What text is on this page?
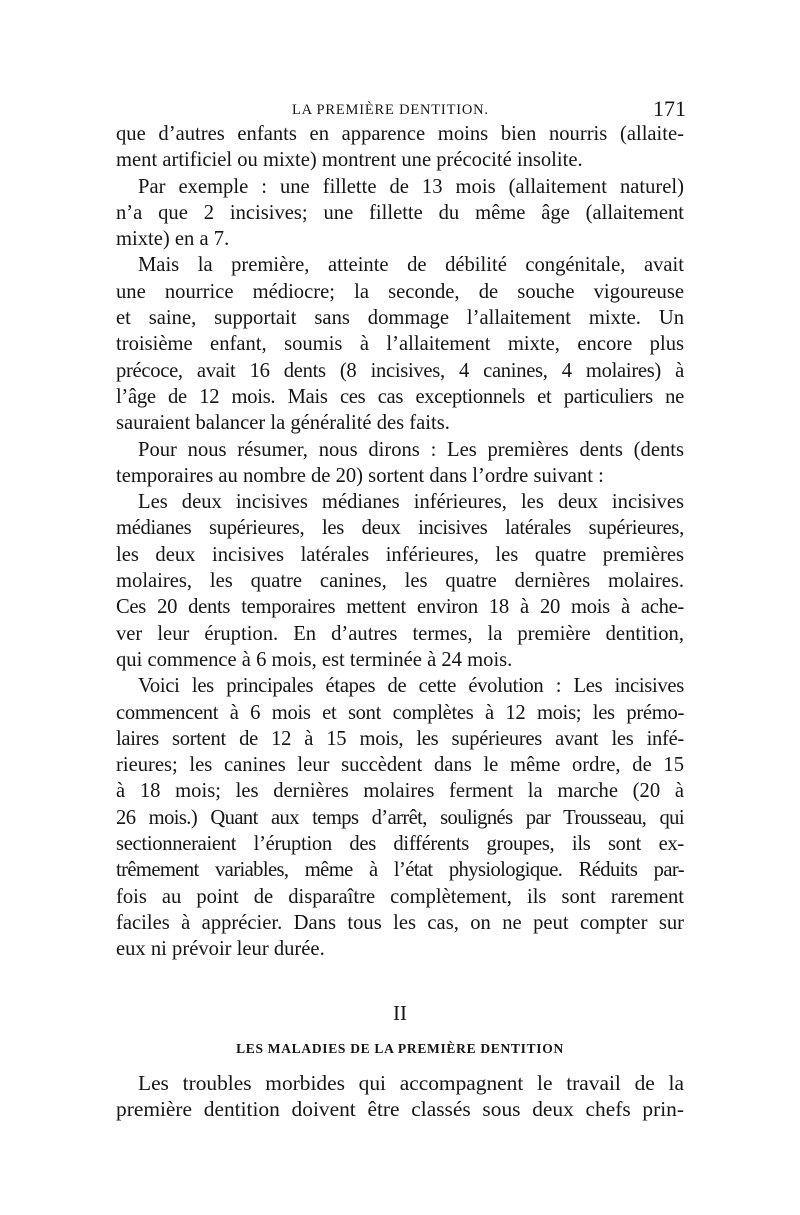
LA PREMIÈRE DENTITION.	171
que d’autres enfants en apparence moins bien nourris (allaite-
ment artificiel ou mixte) montrent une précocité insolite.
Par exemple : une fillette de 13 mois (allaitement naturel)
n’a que 2 incisives; une fillette du même âge (allaitement
mixte) en a 7.
Mais la première, atteinte de débilité congénitale, avait
une nourrice médiocre; la seconde, de souche vigoureuse
et saine, supportait sans dommage l’allaitement mixte. Un
troisième enfant, soumis à l’allaitement mixte, encore plus
précoce, avait 16 dents (8 incisives, 4 canines, 4 molaires) à
l’âge de 12 mois. Mais ces cas exceptionnels et particuliers ne
sauraient balancer la généralité des faits.
Pour nous résumer, nous dirons : Les premières dents (dents
temporaires au nombre de 20) sortent dans l’ordre suivant :
Les deux incisives médianes inférieures, les deux incisives
médianes supérieures, les deux incisives latérales supérieures,
les deux incisives latérales inférieures, les quatre premières
molaires, les quatre canines, les quatre dernières molaires.
Ces 20 dents temporaires mettent environ 18 à 20 mois à ache-
ver leur éruption. En d’autres termes, la première dentition,
qui commence à 6 mois, est terminée à 24 mois.
Voici les principales étapes de cette évolution : Les incisives
commencent à 6 mois et sont complètes à 12 mois; les prémo-
laires sortent de 12 à 15 mois, les supérieures avant les infé-
rieures; les canines leur succèdent dans le même ordre, de 15
à 18 mois; les dernières molaires ferment la marche (20 à
26 mois.) Quant aux temps d’arrêt, soulignés par Trousseau, qui
sectionneraient l’éruption des différents groupes, ils sont ex-
trêmement variables, même à l’état physiologique. Réduits par-
fois au point de disparaître complètement, ils sont rarement
faciles à apprécier. Dans tous les cas, on ne peut compter sur
eux ni prévoir leur durée.
II
LES MALADIES DE LA PREMIÈRE DENTITION
Les troubles morbides qui accompagnent le travail de la
première dentition doivent être classés sous deux chefs prin-
